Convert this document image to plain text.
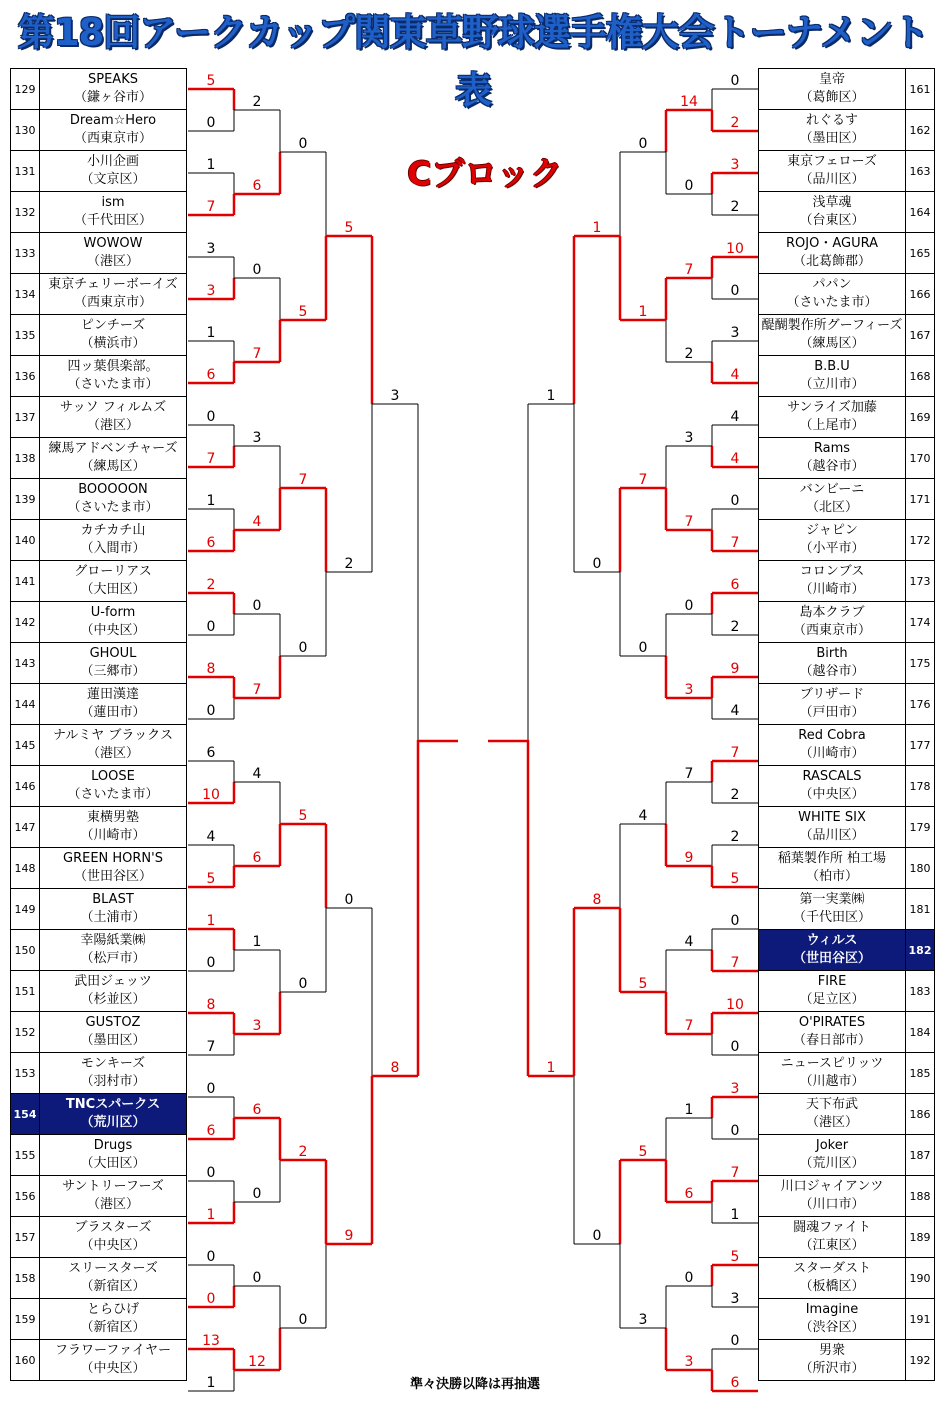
第18回アークカップ関東草野球選手権大会トーナメント表
5
0
1
7
3
3
1
6
0
7
1
6
2
0
8
0
6
10
4
5
1
0
8
7
0
6
0
1
0
0
13
1
2
6
0
7
3
4
0
7
4
6
1
3
6
0
0
12
0
5
7
0
5
0
2
0
5
2
0
9
3
8
0
2
3
2
10
0
3
4
4
4
0
7
6
2
9
4
7
2
2
5
0
7
10
0
3
0
7
1
5
3
0
6
14
0
7
2
3
7
0
3
7
9
4
7
1
6
0
3
0
1
7
0
4
5
5
3
1
0
8
0
1
1
129	SPEAKS
（鎌ヶ谷市）

130	Dream☆Hero
（西東京市）

131	小川企画
（文京区）

132	ism
（千代田区）

133	WOWOW
（港区）

134	東京チェリーボーイズ
（西東京市）

135	ピンチーズ
（横浜市）

136	四ッ葉倶楽部。
（さいたま市）

137	サッソ フィルムズ
（港区）

138	練馬アドベンチャーズ
（練馬区）

139	BOOOOON
（さいたま市）

140	カチカチ山
（入間市）

141	グローリアス
（大田区）

142	U-form
（中央区）

143	GHOUL
（三郷市）

144	蓮田漢達
（蓮田市）

145	ナルミヤ ブラックス
（港区）

146	LOOSE
（さいたま市）

147	東横男塾
（川崎市）

148	GREEN HORN'S
（世田谷区）

149	BLAST
（土浦市）

150	幸陽紙業㈱
（松戸市）

151	武田ジェッツ
（杉並区）

152	GUSTOZ
（墨田区）

153	モンキーズ
（羽村市）

154	TNCスパークス
（荒川区）

155	Drugs
（大田区）

156	サントリーフーズ
（港区）

157	ブラスターズ
（中央区）

158	スリースターズ
（新宿区）

159	とらひげ
（新宿区）

160	フラワーファイヤー
（中央区）
皇帝
（葛飾区）	161

れぐるす
（墨田区）	162

東京フェローズ
（品川区）	163

浅草魂
（台東区）	164

ROJO・AGURA
（北葛飾郡）	165

パパン
（さいたま市）	166

醍醐製作所グーフィーズ
（練馬区）	167

B.B.U
（立川市）	168

サンライズ加藤
（上尾市）	169

Rams
（越谷市）	170

バンビーニ
（北区）	171

ジャピン
（小平市）	172

コロンブス
（川崎市）	173

島本クラブ
（西東京市）	174

Birth
（越谷市）	175

ブリザード
（戸田市）	176

Red Cobra
（川崎市）	177

RASCALS
（中央区）	178

WHITE SIX
（品川区）	179

稲葉製作所 柏工場
（柏市）	180

第一実業㈱
（千代田区）	181

ウィルス
（世田谷区）	182

FIRE
（足立区）	183

O'PIRATES
（春日部市）	184

ニュースピリッツ
（川越市）	185

天下布武
（港区）	186

Joker
（荒川区）	187

川口ジャイアンツ
（川口市）	188

闘魂ファイト
（江東区）	189

スターダスト
（板橋区）	190

Imagine
（渋谷区）	191

男衆
（所沢市）	192
Cブロック
準々決勝以降は再抽選
